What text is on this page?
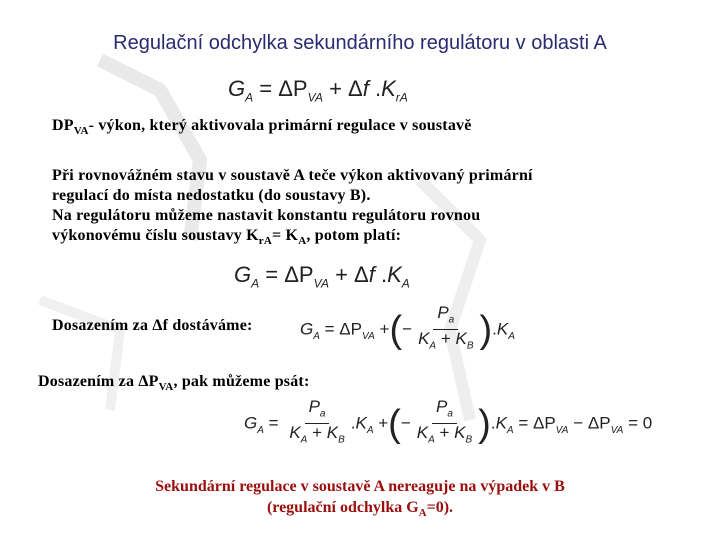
Regulační odchylka sekundárního regulátoru v oblasti A
$G_A = \Delta P_{VA} + \Delta f$ $.K_{rA}$
$DP_{VA}-$ výkon, který aktivovala primární regulace v soustavě
Při rovnovážném stavu v soustavě A teče výkon aktivovaný primární
regulací do místa nedostatku (do soustavy B).
Na regulátoru můžeme nastavit konstantu regulátoru rovnou
výkonovému číslu soustavy $K_{rA}= K_A$, potom platí:
$G_A = \Delta P_{VA} + \Delta f$ $.K_A$
Dosazením za Δf dostáváme:	$G_A = \Delta P_{VA}$ +(− $\frac{P_a}{K_A + K_B} ).K_A$
Dosazením za $\Delta P_{VA}$, pak můžeme psát:
$G_A = \frac{P_a}{K_A + K_B} .K_A$ +(− $\frac{P_a}{K_A + K_B} ).K_A = \Delta P_{VA} - \Delta P_{VA} = 0$
Sekundární regulace v soustavě A nereaguje na výpadek v B
(regulační odchylka $G_A=0$).
